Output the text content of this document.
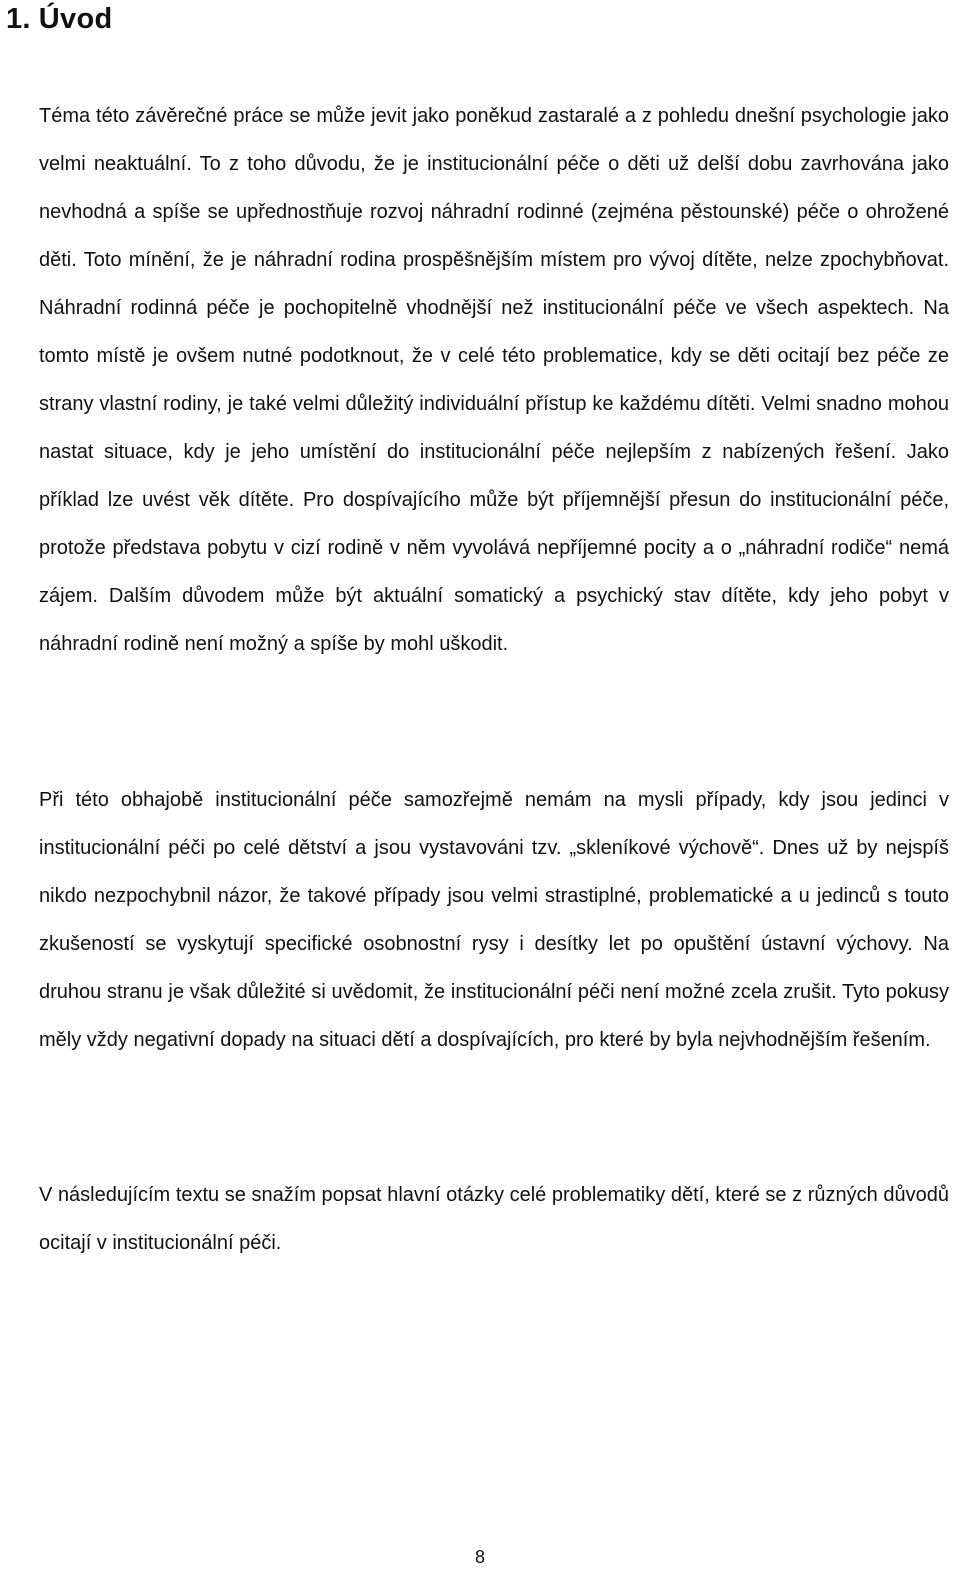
1. Úvod

Téma této závěrečné práce se může jevit jako poněkud zastaralé a z pohledu dnešní psychologie jako velmi neaktuální. To z toho důvodu, že je institucionální péče o děti už delší dobu zavrhována jako nevhodná a spíše se upřednostňuje rozvoj náhradní rodinné (zejména pěstounské) péče o ohrožené děti. Toto mínění, že je náhradní rodina prospěšnějším místem pro vývoj dítěte, nelze zpochybňovat. Náhradní rodinná péče je pochopitelně vhodnější než institucionální péče ve všech aspektech. Na tomto místě je ovšem nutné podotknout, že v celé této problematice, kdy se děti ocitají bez péče ze strany vlastní rodiny, je také velmi důležitý individuální přístup ke každému dítěti. Velmi snadno mohou nastat situace, kdy je jeho umístění do institucionální péče nejlepším z nabízených řešení. Jako příklad lze uvést věk dítěte. Pro dospívajícího může být příjemnější přesun do institucionální péče, protože představa pobytu v cizí rodině v něm vyvolává nepříjemné pocity a o „náhradní rodiče“ nemá zájem. Dalším důvodem může být aktuální somatický a psychický stav dítěte, kdy jeho pobyt v náhradní rodině není možný a spíše by mohl uškodit.

Při této obhajobě institucionální péče samozřejmě nemám na mysli případy, kdy jsou jedinci v institucionální péči po celé dětství a jsou vystavováni tzv. „skleníkové výchově“. Dnes už by nejspíš nikdo nezpochybnil názor, že takové případy jsou velmi strastiplné, problematické a u jedinců s touto zkušeností se vyskytují specifické osobnostní rysy i desítky let po opuštění ústavní výchovy. Na druhou stranu je však důležité si uvědomit, že institucionální péči není možné zcela zrušit. Tyto pokusy měly vždy negativní dopady na situaci dětí a dospívajících, pro které by byla nejvhodnějším řešením.

V následujícím textu se snažím popsat hlavní otázky celé problematiky dětí, které se z různých důvodů ocitají v institucionální péči.

8
